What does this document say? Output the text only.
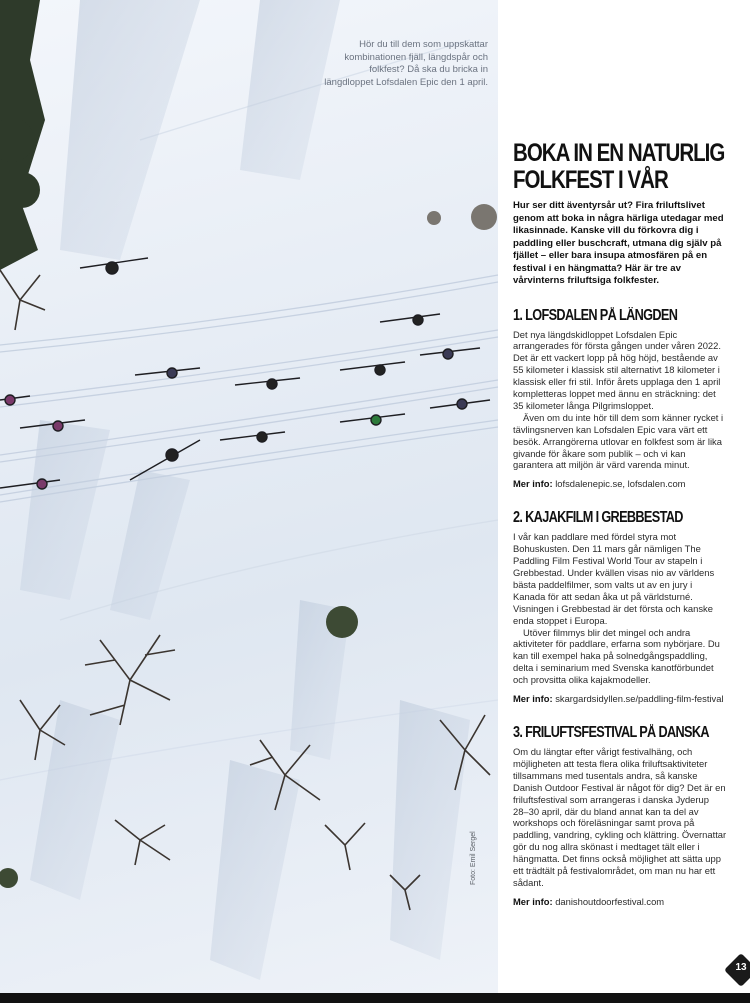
Hör du till dem som uppskattar kombinationen fjäll, längdspår och folkfest? Då ska du bricka in längdloppet Lofsdalen Epic den 1 april.
Foto: Emil Sergel
BOKA IN EN NATURLIG FOLKFEST I VÅR
Hur ser ditt äventyrsår ut? Fira friluftslivet genom att boka in några härliga utedagar med likasinnade. Kanske vill du förkovra dig i paddling eller buschcraft, utmana dig själv på fjället – eller bara insupa atmosfären på en festival i en hängmatta? Här är tre av vårvinterns friluftsiga folkfester.
1. LOFSDALEN PÅ LÄNGDEN

Det nya längdskidloppet Lofsdalen Epic arrangerades för första gången under våren 2022. Det är ett vackert lopp på hög höjd, bestående av 55 kilometer i klassisk stil alternativt 18 kilometer i klassisk eller fri stil. Inför årets upplaga den 1 april kompletteras loppet med ännu en sträckning: det 35 kilometer långa Pilgrimsloppet.

Även om du inte hör till dem som känner rycket i tävlingsnerven kan Lofsdalen Epic vara värt ett besök. Arrangörerna utlovar en folkfest som är lika givande för åkare som publik – och vi kan garantera att miljön är värd varenda minut.

Mer info: lofsdalenepic.se, lofsdalen.com
2. KAJAKFILM I GREBBESTAD

I vår kan paddlare med fördel styra mot Bohuskusten. Den 11 mars går nämligen The Paddling Film Festival World Tour av stapeln i Grebbestad. Under kvällen visas nio av världens bästa paddelfilmer, som valts ut av en jury i Kanada för att sedan åka ut på världsturné. Visningen i Grebbestad är det första och kanske enda stoppet i Europa.

Utöver filmmys blir det mingel och andra aktiviteter för paddlare, erfarna som nybörjare. Du kan till exempel haka på solnedgångspaddling, delta i seminarium med Svenska kanotförbundet och provsitta olika kajakmodeller.

Mer info: skargardsidyllen.se/paddling-film-festival
3. FRILUFTSFESTIVAL PÅ DANSKA

Om du längtar efter vårigt festivalhäng, och möjligheten att testa flera olika friluftsaktiviteter tillsammans med tusentals andra, så kanske Danish Outdoor Festival är något för dig? Det är en friluftsfestival som arrangeras i danska Jyderup 28–30 april, där du bland annat kan ta del av workshops och föreläsningar samt prova på paddling, vandring, cykling och klättring. Övernattar gör du nog allra skönast i medtaget tält eller i hängmatta. Det finns också möjlighet att sätta upp ett trädtält på festivalområdet, om man nu har ett sådant.

Mer info: danishoutdoorfestival.com
13
